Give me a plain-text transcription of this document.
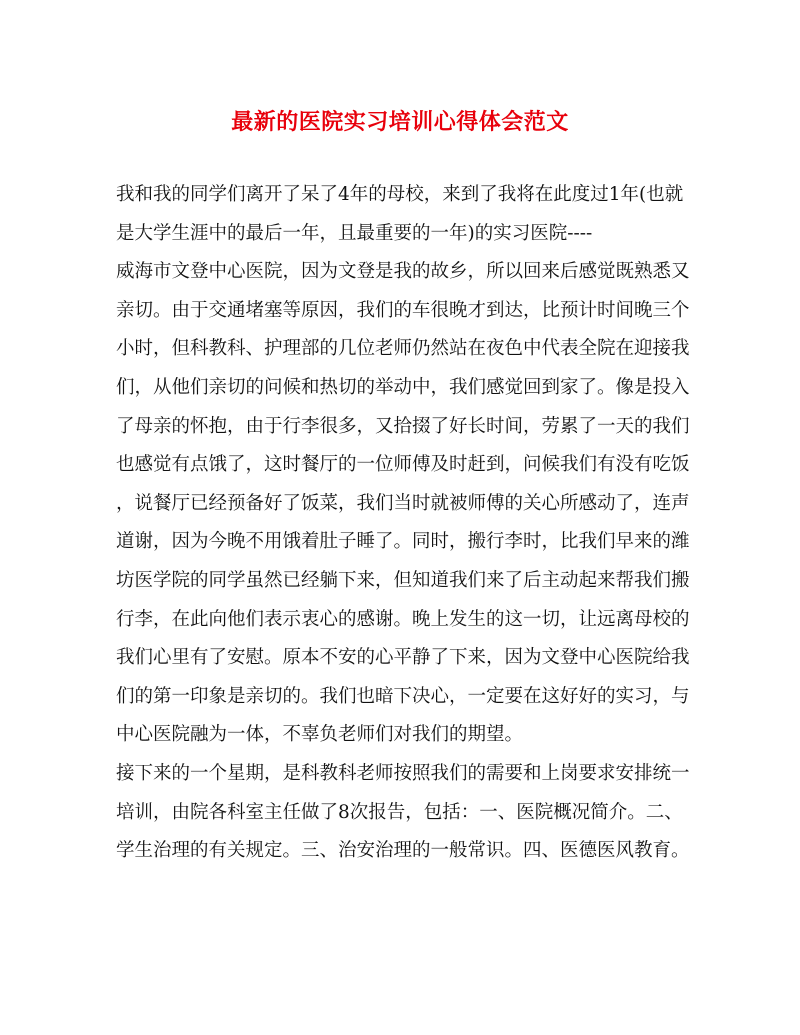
最新的医院实习培训心得体会范文
我和我的同学们离开了呆了4年的母校，来到了我将在此度过1年(也就
是大学生涯中的最后一年，且最重要的一年)的实习医院----
威海市文登中心医院，因为文登是我的故乡，所以回来后感觉既熟悉又
亲切。由于交通堵塞等原因，我们的车很晚才到达，比预计时间晚三个
小时，但科教科、护理部的几位老师仍然站在夜色中代表全院在迎接我
们，从他们亲切的问候和热切的举动中，我们感觉回到家了。像是投入
了母亲的怀抱，由于行李很多，又拾掇了好长时间，劳累了一天的我们
也感觉有点饿了，这时餐厅的一位师傅及时赶到，问候我们有没有吃饭
，说餐厅已经预备好了饭菜，我们当时就被师傅的关心所感动了，连声
道谢，因为今晚不用饿着肚子睡了。同时，搬行李时，比我们早来的潍
坊医学院的同学虽然已经躺下来，但知道我们来了后主动起来帮我们搬
行李，在此向他们表示衷心的感谢。晚上发生的这一切，让远离母校的
我们心里有了安慰。原本不安的心平静了下来，因为文登中心医院给我
们的第一印象是亲切的。我们也暗下决心，一定要在这好好的实习，与
中心医院融为一体，不辜负老师们对我们的期望。
接下来的一个星期，是科教科老师按照我们的需要和上岗要求安排统一
培训，由院各科室主任做了8次报告，包括：一、医院概况简介。二、
学生治理的有关规定。三、治安治理的一般常识。四、医德医风教育。
